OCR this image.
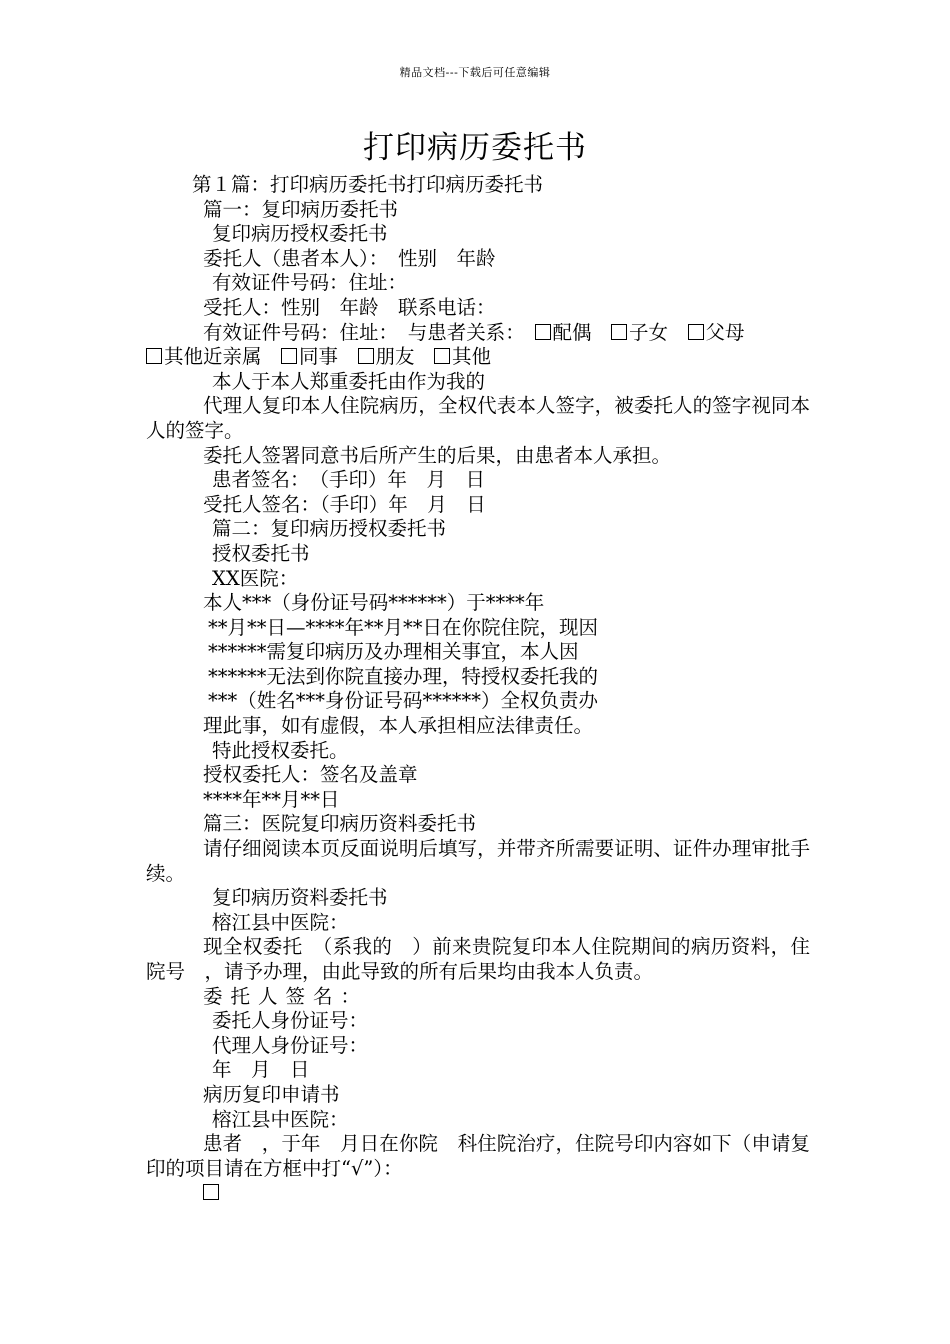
精品文档---下载后可任意编辑
打印病历委托书

第１篇：打印病历委托书打印病历委托书

篇一：复印病历委托书

复印病历授权委托书

委托人（患者本人）：　性别　年龄

有效证件号码：住址：

受托人：性别　年龄　联系电话：

有效证件号码：住址：　与患者关系：　配偶　子女　父母

其他近亲属　同事　朋友　其他

本人于本人郑重委托由作为我的

代理人复印本人住院病历，全权代表本人签字，被委托人的签字视同本人的签字。

委托人签署同意书后所产生的后果，由患者本人承担。

患者签名：　（手印）年　月　日

受托人签名：（手印）年　月　日

篇二：复印病历授权委托书

授权委托书

XX医院：

本人***（身份证号码******）于****年

**月**日—****年**月**日在你院住院，现因

******需复印病历及办理相关事宜，本人因

******无法到你院直接办理，特授权委托我的

***（姓名***身份证号码******）全权负责办

理此事，如有虚假，本人承担相应法律责任。

特此授权委托。

授权委托人：签名及盖章

****年**月**日

篇三：医院复印病历资料委托书

请仔细阅读本页反面说明后填写，并带齐所需要证明、证件办理审批手续。

复印病历资料委托书

榕江县中医院：

现全权委托　（系我的　）前来贵院复印本人住院期间的病历资料，住院号　，请予办理，由此导致的所有后果均由我本人负责。

委托人签名：

委托人身份证号：

代理人身份证号：

年　月　日

病历复印申请书

榕江县中医院：

患者　，于年　月日在你院　科住院治疗，住院号印内容如下（申请复印的项目请在方框中打“√”）：
